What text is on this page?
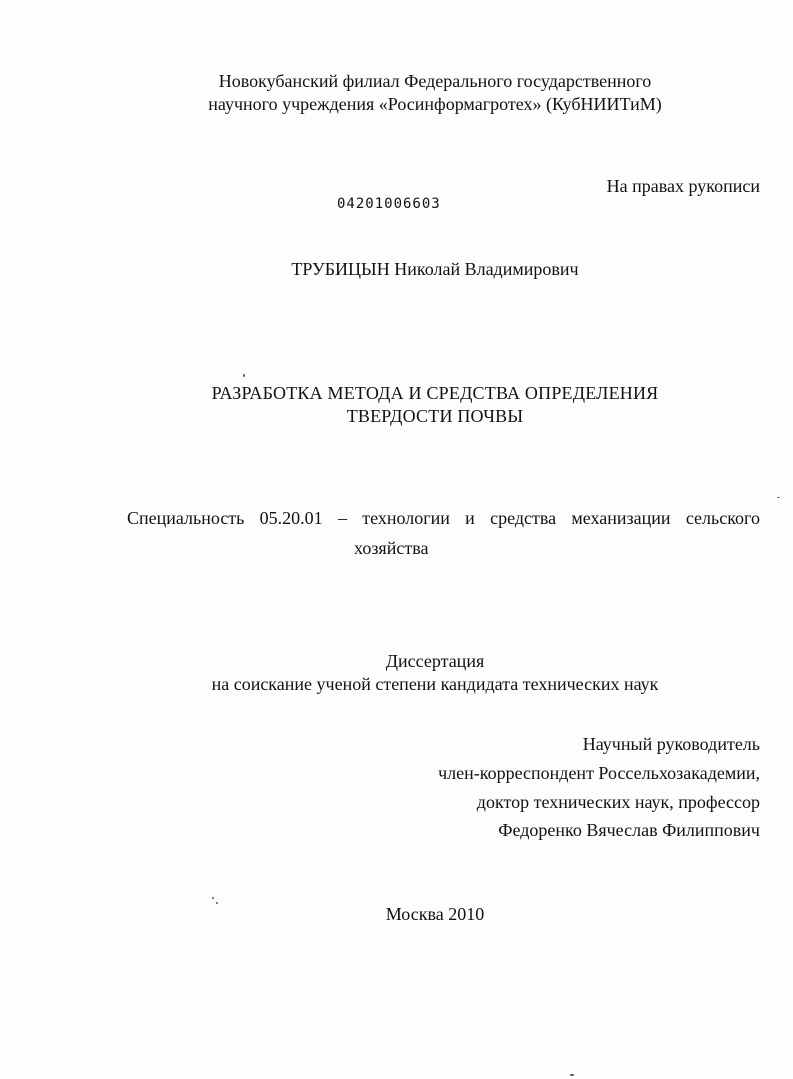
Новокубанский филиал Федерального государственного
научного учреждения «Росинформагротех» (КубНИИТиМ)
На правах рукописи
04201006603
ТРУБИЦЫН Николай Владимирович
РАЗРАБОТКА МЕТОДА И СРЕДСТВА ОПРЕДЕЛЕНИЯ
ТВЕРДОСТИ ПОЧВЫ
Специальность 05.20.01 – технологии и средства механизации сельского
хозяйства
Диссертация
на соискание ученой степени кандидата технических наук
Научный руководитель
член-корреспондент Россельхозакадемии,
доктор технических наук, профессор
Федоренко Вячеслав Филиппович
Москва 2010
